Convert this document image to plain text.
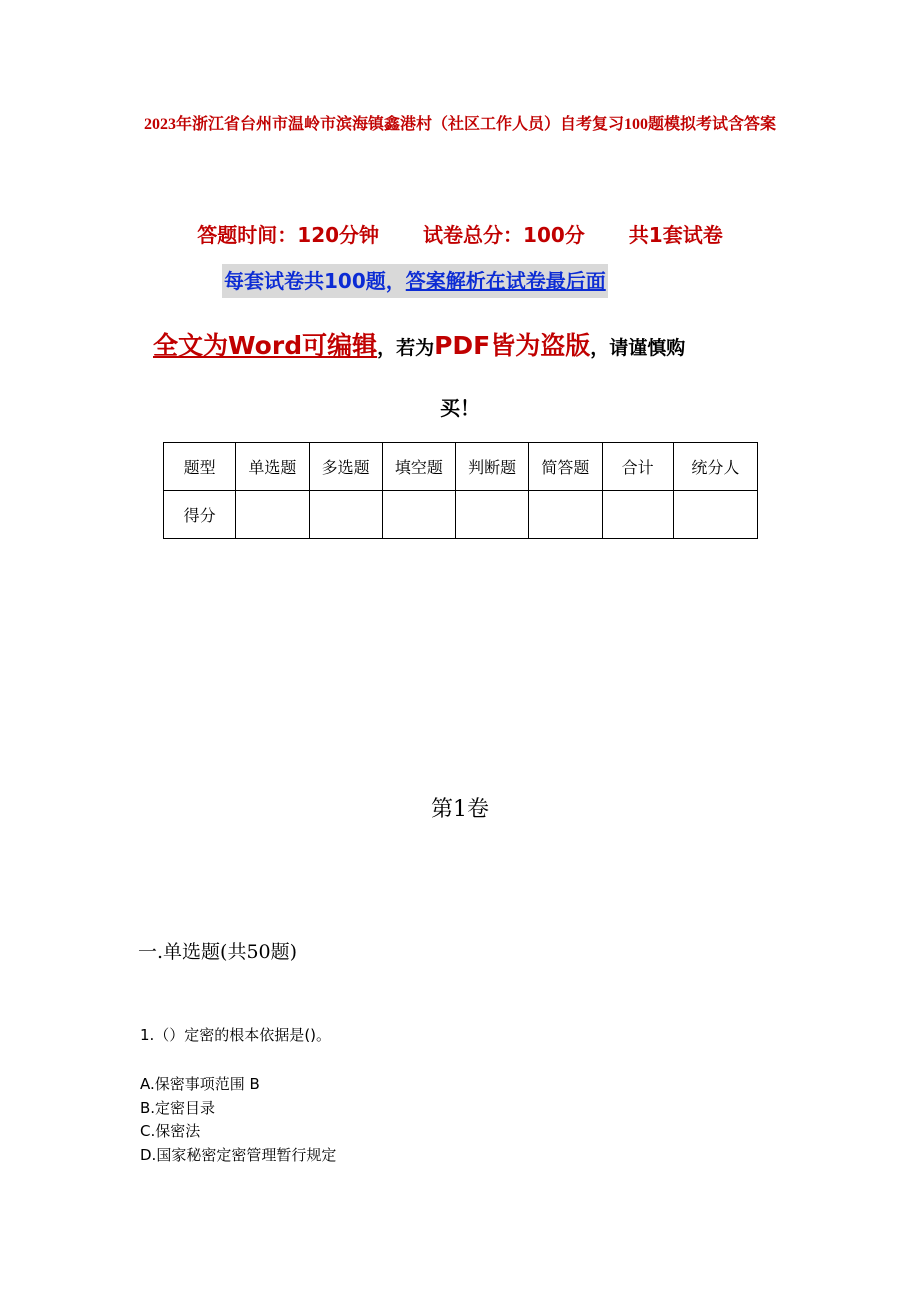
2023年浙江省台州市温岭市滨海镇鑫港村（社区工作人员）自考复习100题模拟考试含答案
答题时间：120分钟 试卷总分：100分 共1套试卷
每套试卷共100题，答案解析在试卷最后面
全文为Word可编辑，若为PDF皆为盗版，请谨慎购
买！
题型	单选题	多选题	填空题	判断题	简答题	合计	统分人
得分							
第1卷
一.单选题(共50题)
1.（）定密的根本依据是()。
A.保密事项范围 B
B.定密目录
C.保密法
D.国家秘密定密管理暂行规定
